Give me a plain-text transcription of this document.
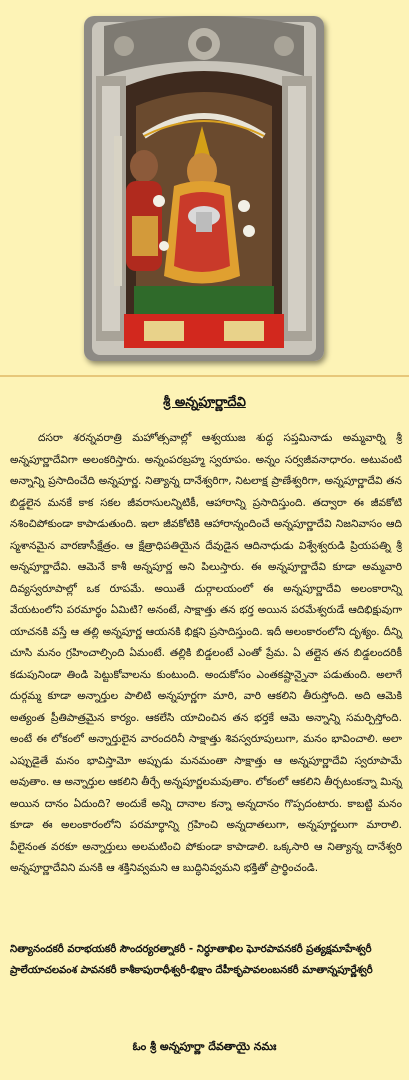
శ్రీ అన్నపూర్ణాదేవి
దసరా శరన్నవరాత్రి మహోత్సవాల్లో ఆశ్వయుజ శుద్ధ సప్తమినాడు అమ్మవార్ని శ్రీ అన్నపూర్ణాదేవిగా అలంకరిస్తారు. అన్నంపరబ్రహ్మ స్వరూపం. అన్నం సర్వజీవనాధారం. అటువంటి అన్నాన్ని ప్రసాదించేది అన్నపూర్ణ. నిత్యాన్న దానేశ్వరిగా, నిటలాక్ష ప్రాణేశ్వరిగా, అన్నపూర్ణాదేవి తన బిడ్డలైన మనకే కాక సకల జీవరాసులన్నిటికీ, ఆహారాన్ని ప్రసాదిస్తుంది. తద్వారా ఈ జీవకోటి నశించిపోకుండా కాపాడుతుంది. ఇలా జీవకోటికి ఆహారాన్నందించే అన్నపూర్ణాదేవి నిజనివాసం ఆది స్మశానమైన వారణాసీక్షేత్రం. ఆ క్షేత్రాధిపతియైన దేవుడైన ఆదినాధుడు విశ్వేశ్వరుడి ప్రియపత్ని శ్రీ అన్నపూర్ణాదేవి. ఆమెనే కాశీ అన్నపూర్ణ అని పిలుస్తారు. ఈ అన్నపూర్ణాదేవి కూడా అమ్మవారి దివ్యస్వరూపాల్లో ఒక రూపమే. అయితే దుర్గాలయంలో ఈ అన్నపూర్ణాదేవి అలంకారాన్ని వేయటంలోని పరమార్థం ఏమిటి? అనంటే, సాక్షాత్తు తన భర్త అయిన పరమేశ్వరుడే ఆదిభిక్షువుగా యాచనకి వస్తే ఆ తల్లి అన్నపూర్ణ ఆయనకి భిక్షని ప్రసాదిస్తుంది. ఇదీ అలంకారంలోని దృశ్యం. దీన్ని చూసి మనం గ్రహించాల్సింది ఏమంటే. తల్లికి బిడ్డలంటే ఎంతో ప్రేమ. ఏ తల్లైన తన బిడ్డలందరికీ కడుపునిండా తిండి పెట్టుకోవాలను కుంటుంది. అందుకోసం ఎంతకష్టాన్నైనా పడుతుంది. అలాగే దుర్గమ్మ కూడా అన్నార్తుల పాలిటి అన్నపూర్ణగా మారి, వారి ఆకలిని తీరుస్తోంది. అది ఆమెకి అత్యంత ప్రీతిపాత్రమైన కార్యం. ఆకలేసి యాచించిన తన భర్తకే ఆమె అన్నాన్ని సమర్పిస్తోంది. అంటే ఈ లోకంలో అన్నార్తులైన వారందరినీ సాక్షాత్తు శివస్వరూపులుగా, మనం భావించాలి. అలా ఎప్పుడైతే మనం భావిస్తామో అప్పుడు మనమంతా సాక్షాత్తు ఆ అన్నపూర్ణాదేవి స్వరూపామే అవుతాం. ఆ అన్నార్తుల ఆకలిని తీర్చే అన్నపూర్ణలమవుతాం. లోకంలో ఆకలిని తీర్చటంకన్నా మిన్న అయిన దానం ఏదుంది? అందుకే అన్ని దానాల కన్నా అన్నదానం గొప్పదంటారు. కాబట్టి మనం కూడా ఈ అలంకారంలోని పరమార్థాన్ని గ్రహించి అన్నదాతలుగా, అన్నపూర్ణలుగా మారాలి. వీలైనంత వరకూ అన్నార్తులు అలమటించి పోకుండా కాపాడాలి. ఒక్కసారి ఆ నిత్యాన్న దానేశ్వరి అన్నపూర్ణాదేవిని మనకి ఆ శక్తినివ్వమని ఆ బుద్ధినివ్వమని భక్తితో ప్రార్థించండి.
నిత్యానందకరీ వరాభయకరీ సౌందర్యరత్నాకరీ - నిర్ధూతాఖిల ఘోరపావనకరీ ప్రత్యక్షమాహేశ్వరీ ప్రాలేయాచలవంశ పావనకరీ కాశీకాపురాధీశ్వరీ-భిక్షాం దేహీకృపావలంబనకరీ మాతాన్నపూర్ణేశ్వరీ
ఓం శ్రీ అన్నపూర్ణా దేవతాయై నమః
